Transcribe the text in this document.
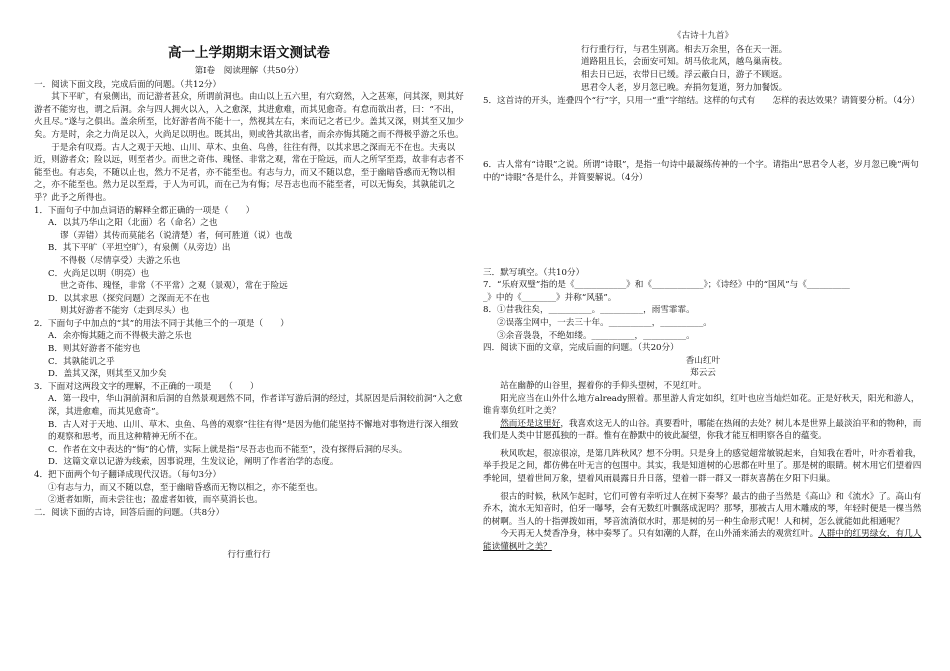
高一上学期期末语文测试卷
第Ⅰ卷　阅读理解（共50分）

一．阅读下面文段，完成后面的问题。（共12分）

其下平旷，有泉侧出，而记游者甚众，所谓前洞也。由山以上五六里，有穴窈然，入之甚寒，问其深，则其好游者不能穷也，谓之后洞。余与四人拥火以入，入之愈深，其进愈难，而其见愈奇。有怠而欲出者，曰：“不出，火且尽。”遂与之俱出。盖余所至，比好游者尚不能十一，然视其左右，来而记之者已少。盖其又深，则其至又加少矣。方是时，余之力尚足以入，火尚足以明也。既其出，则或咎其欲出者，而余亦悔其随之而不得极乎游之乐也。

于是余有叹焉。古人之观于天地、山川、草木、虫鱼、鸟兽，往往有得，以其求思之深而无不在也。夫夷以近，则游者众；险以远，则至者少。而世之奇伟、瑰怪、非常之观，常在于险远，而人之所罕至焉，故非有志者不能至也。有志矣，不随以止也，然力不足者，亦不能至也。有志与力，而又不随以怠，至于幽暗昏惑而无物以相之，亦不能至也。然力足以至焉，于人为可讥，而在己为有悔；尽吾志也而不能至者，可以无悔矣，其孰能讥之乎？此予之所得也。

1．下面句子中加点词语的解释全都正确的一项是（　　）

A．以其乃华山之阳（北面）名（命名）之也

谬（弄错）其传而莫能名（说清楚）者，何可胜道（说）也哉

B．其下平旷（平坦空旷），有泉侧（从旁边）出

不得极（尽情享受）夫游之乐也

C．火尚足以明（明亮）也

世之奇伟、瑰怪，非常（不平常）之观（景观），常在于险远

D．以其求思（探究问题）之深而无不在也

则其好游者不能穷（走到尽头）也

2．下面句子中加点的“其”的用法不同于其他三个的一项是（　　）

A．余亦悔其随之而不得极夫游之乐也

B．则其好游者不能穷也

C．其孰能讥之乎

D．盖其又深，则其至又加少矣

3．下面对这两段文字的理解，不正确的一项是　　（　　）

A．第一段中，华山洞前洞和后洞的自然景观迥然不同，作者详写游后洞的经过，其原因是后洞较前洞“入之愈深，其进愈难，而其见愈奇”。

B．古人对于天地、山川、草木、虫鱼、鸟兽的观察“往往有得”是因为他们能坚持不懈地对事物进行深入细致的观察和思考，而且这种精神无所不在。

C．作者在文中表达的“悔”的心情，实际上就是指“尽吾志也而不能至”，没有探得后洞的尽头。

D．这篇文章以记游为线索，因事说理，生发议论，阐明了作者治学的态度。

4．把下面两个句子翻译成现代汉语。（每句3分）

①有志与力，而又不随以怠，至于幽暗昏惑而无物以相之，亦不能至也。

②逝者如斯，而未尝往也；盈虚者如彼，而卒莫消长也。

二．阅读下面的古诗，回答后面的问题。（共8分）

行行重行行
《古诗十九首》

行行重行行，与君生别离。相去万余里，各在天一涯。

道路阻且长，会面安可知。胡马依北风，越鸟巢南枝。

相去日已远，衣带日已缓。浮云蔽白日，游子不顾返。

思君令人老，岁月忽已晚。弃捐勿复道，努力加餐饭。

5．这首诗的开头，连叠四个“行”字，只用一“重”字绾结。这样的句式有　　怎样的表达效果？请简要分析。（4分）

6．古人常有“诗眼”之说。所谓“诗眼”，是指一句诗中最凝练传神的一个字。请指出“思君令人老，岁月忽已晚”两句中的“诗眼”各是什么，并简要解说。（4分）

三．默写填空。（共10分）

7．“乐府双璧”指的是《____________》和《____________》；《诗经》中的“国风”与《__________

_》中的《________》并称“风骚”。

8．①昔我往矣，__________。__________，雨雪霏霏。

②误落尘网中，一去三十年。__________，__________。

③余音袅袅，不绝如缕。__________，__________。

四．阅读下面的文章，完成后面的问题。（共20分）

香山红叶
郑云云

站在幽静的山谷里，握着你的手仰头望树，不见红叶。

阳光应当在山外什么地方already照着。那里游人肯定如织，红叶也应当灿烂如花。正是好秋天，阳光和游人，谁肯辜负红叶之美？

然而还是这里好，我喜欢这无人的山谷。真要看叶，哪能在热闹的去处？树儿本是世界上最淡泊平和的物种，而我们是人类中甘愿孤独的一群。惟有在静默中的彼此凝望，你我才能互相明察各自的蕴变。

秋风吹起，很凉很凉，是第几阵秋风？想不分明。只是身上的感觉超常敏锐起来，自知我在看叶，叶亦看着我，举手投足之间，都仿佛在叶无言的包围中。其实，我是知道树的心思都在叶里了。那是树的眼睛。树木用它们望着四季轮回，望着世间万象，望着风雨晨露日升日落，望着一群一群又一群灰喜鹊在夕阳下归巢。

很古的时候，秋风乍起时，它们可曾有幸听过人在树下奏琴？最古的曲子当然是《高山》和《流水》了。高山有乔木，流水无知音时，伯牙一曝琴，会有无数红叶飘落成泥吗？那琴，那被古人用木雕成的琴，年轻时便是一棵当然的树啊。当人的十指弹拨如雨，琴音流淌似水时，那是树的另一种生命形式呢！人和树，怎么就能如此相通呢？

今天再无人焚香净身，林中奏琴了。只有如潮的人群，在山外涌来涌去的观赏红叶。人群中的红男绿女，有几人能读懂枫叶之美？
